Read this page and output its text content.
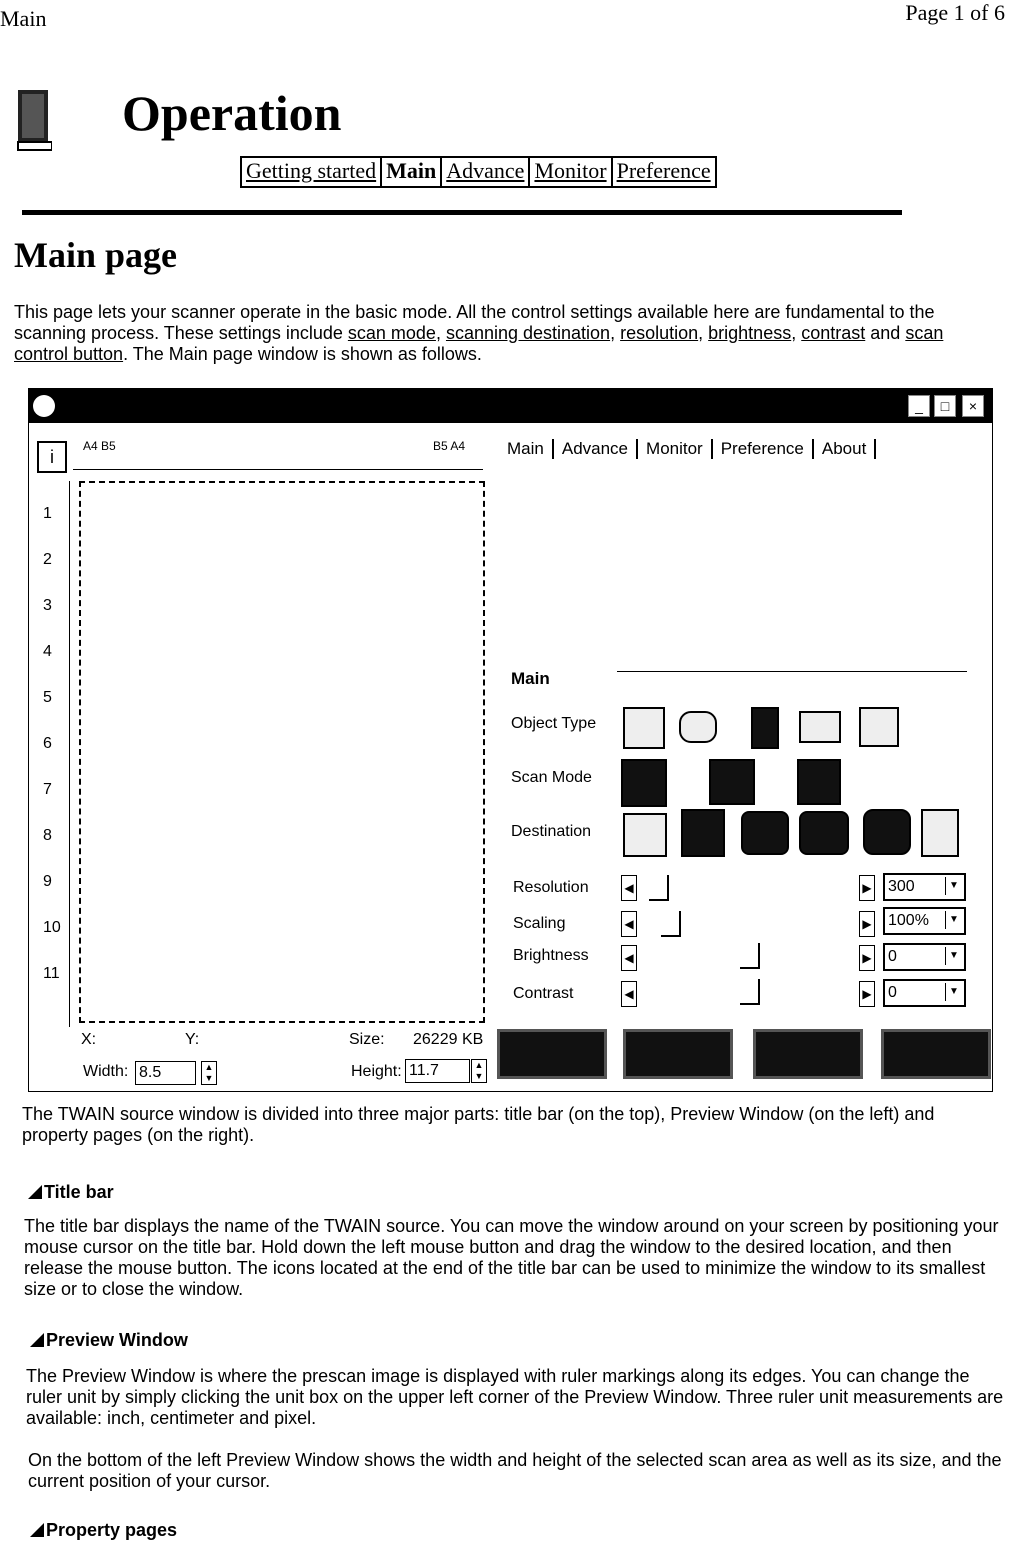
Main	Page 1 of 6
Operation
Getting started Main Advance Monitor Preference
Main page
This page lets your scanner operate in the basic mode. All the control settings available here are fundamental to the scanning process. These settings include scan mode, scanning destination, resolution, brightness, contrast and scan control button. The Main page window is shown as follows.
_	□	×
i
A4 B5	B5 A4
1
2
3
4
5
6
7
8
9
10
11
X:	Y:	Size: 26229 KB
Width: 8.5	▲
▼	Height: 11.7	▲
▼
Main	Advance	Monitor	Preference	About
Main
Object Type
Scan Mode
Destination
Resolution	◀	▶	300	▼
Scaling	◀	▶	100%	▼
Brightness	◀	▶	0	▼
Contrast	◀	▶	0	▼
The TWAIN source window is divided into three major parts: title bar (on the top), Preview Window (on the left) and property pages (on the right).
Title bar
The title bar displays the name of the TWAIN source. You can move the window around on your screen by positioning your mouse cursor on the title bar. Hold down the left mouse button and drag the window to the desired location, and then release the mouse button. The icons located at the end of the title bar can be used to minimize the window to its smallest size or to close the window.
Preview Window
The Preview Window is where the prescan image is displayed with ruler markings along its edges. You can change the ruler unit by simply clicking the unit box on the upper left corner of the Preview Window. Three ruler unit measurements are available: inch, centimeter and pixel.
On the bottom of the left Preview Window shows the width and height of the selected scan area as well as its size, and the current position of your cursor.
Property pages
